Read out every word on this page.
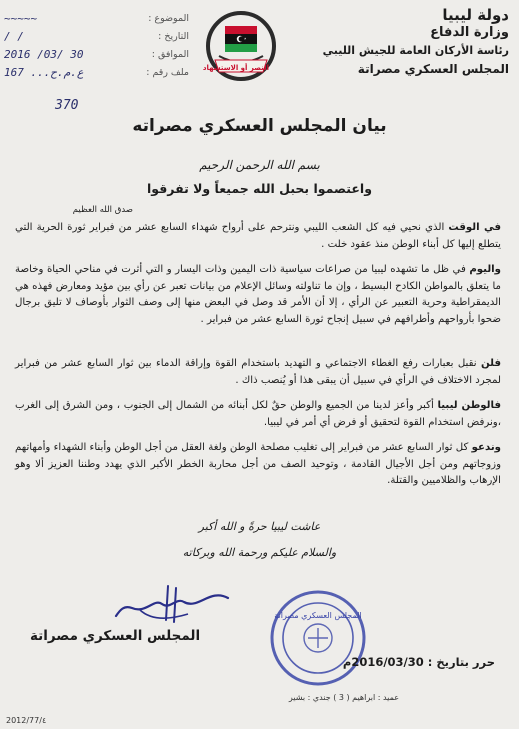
دولة ليبيا
وزارة الدفاع
رئاسة الأركان العامة للجيش الليبي
المجلس العسكري مصراتة
النصر أو الاستشهاد
الموضوع :
~~~~~
التاريخ :
/ /
الموافق :
2016 /03/ 30
ملف رقم :
167 ...ع.م.ح
370
بيان المجلس العسكري مصراته
بسم الله الرحمن الرحيم
واعتصموا بحبل الله جميعاً ولا تفرقوا
صدق الله العظيم
في الوقت الذي نحيي فيه كل الشعب الليبي ونترحم على أرواح شهداء السابع عشر من فبراير ثورة الحرية التي يتطلع إليها كل أبناء الوطن منذ عقود خلت .
واليوم في ظل ما تشهده ليبيا من صراعات سياسية ذات اليمين وذات اليسار و التي أثرت في مناحي الحياة وخاصة ما يتعلق بالمواطن الكادح البسيط ، وإن ما تناولته وسائل الإعلام من بيانات تعبر عن رأي بين مؤيد ومعارض فهذه هي الديمقراطية وحرية التعبير عن الرأي ، إلا أن الأمر قد وصل في البعض منها إلى وصف الثوار بأوصاف لا تليق برجال ضحوا بأرواحهم وأطرافهم في سبيل إنجاح ثورة السابع عشر من فبراير .
فلن نقبل بعبارات رفع الغطاء الاجتماعي و التهديد باستخدام القوة وإراقة الدماء بين ثوار السابع عشر من فبراير لمجرد الاختلاف في الرأي في سبيل أن يبقى هذا أو يُنصب ذاك .
فالوطن ليبيا أكبر وأعز لدينا من الجميع والوطن حقٌ لكل أبنائه من الشمال إلى الجنوب ، ومن الشرق إلى الغرب ،ونرفض استخدام القوة لتحقيق أو فرض أي أمر في ليبيا.
وندعو كل ثوار السابع عشر من فبراير إلى تغليب مصلحة الوطن ولغة العقل من أجل الوطن وأبناء الشهداء وأمهاتهم وزوجاتهم ومن أجل الأجيال القادمة ، وتوحيد الصف من أجل محاربة الخطر الأكبر الذي يهدد وطننا العزيز ألا وهو الإرهاب والظلاميين والقتلة.
عاشت ليبيا حرةً و الله أكبر
والسلام عليكم ورحمة الله وبركاته
المجلس العسكري مصراتة
المجلس العسكري مصراتة
حرر بتاريخ : 2016/03/30م
عميد : ابراهيم ( 3 ) جندي : بشير
2012/77/٤
